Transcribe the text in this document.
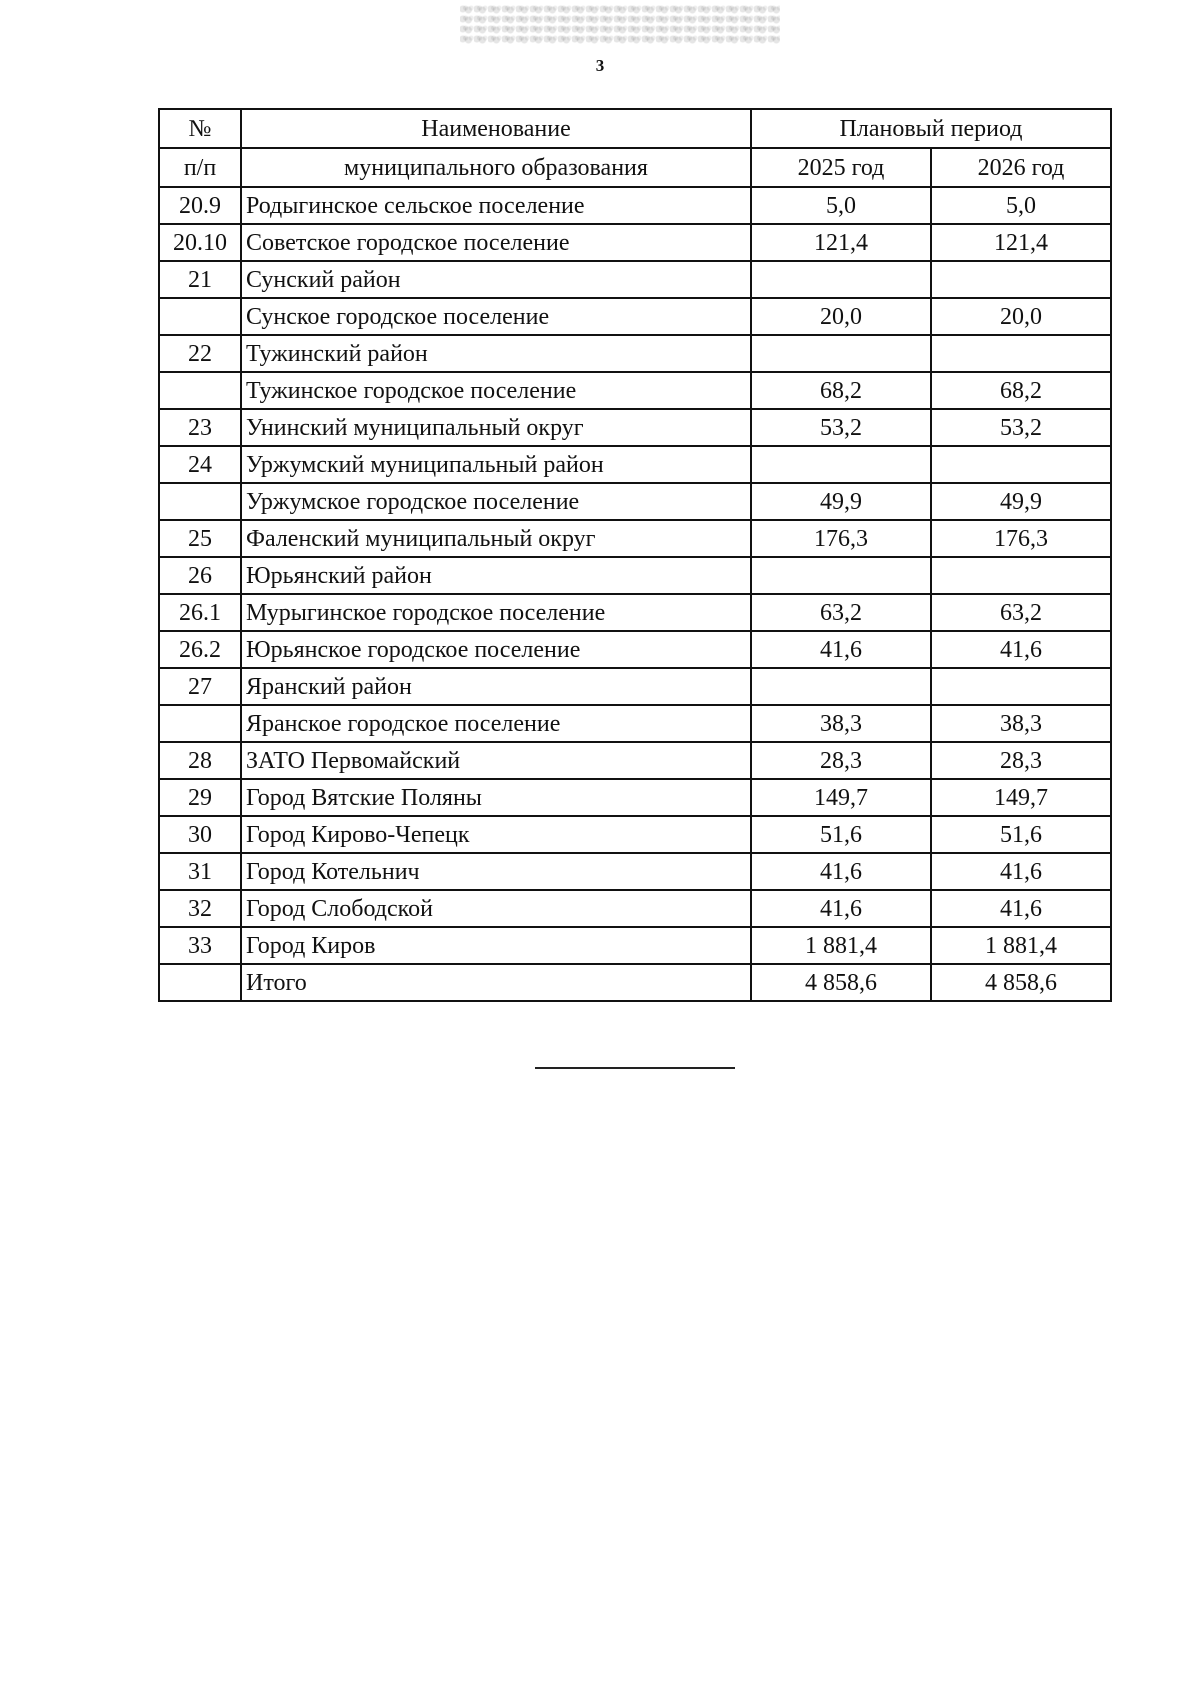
3
№	Наименование	Плановый период	
п/п	муниципального образования	2025 год	2026 год
20.9	Родыгинское сельское поселение	5,0	5,0
20.10	Советское городское поселение	121,4	121,4
21	Сунский район		
	Сунское городское поселение	20,0	20,0
22	Тужинский район		
	Тужинское городское поселение	68,2	68,2
23	Унинский муниципальный округ	53,2	53,2
24	Уржумский муниципальный район		
	Уржумское городское поселение	49,9	49,9
25	Фаленский муниципальный округ	176,3	176,3
26	Юрьянский район		
26.1	Мурыгинское городское поселение	63,2	63,2
26.2	Юрьянское городское поселение	41,6	41,6
27	Яранский район		
	Яранское городское поселение	38,3	38,3
28	ЗАТО Первомайский	28,3	28,3
29	Город Вятские Поляны	149,7	149,7
30	Город Кирово-Чепецк	51,6	51,6
31	Город Котельнич	41,6	41,6
32	Город Слободской	41,6	41,6
33	Город Киров	1 881,4	1 881,4
	Итого	4 858,6	4 858,6
